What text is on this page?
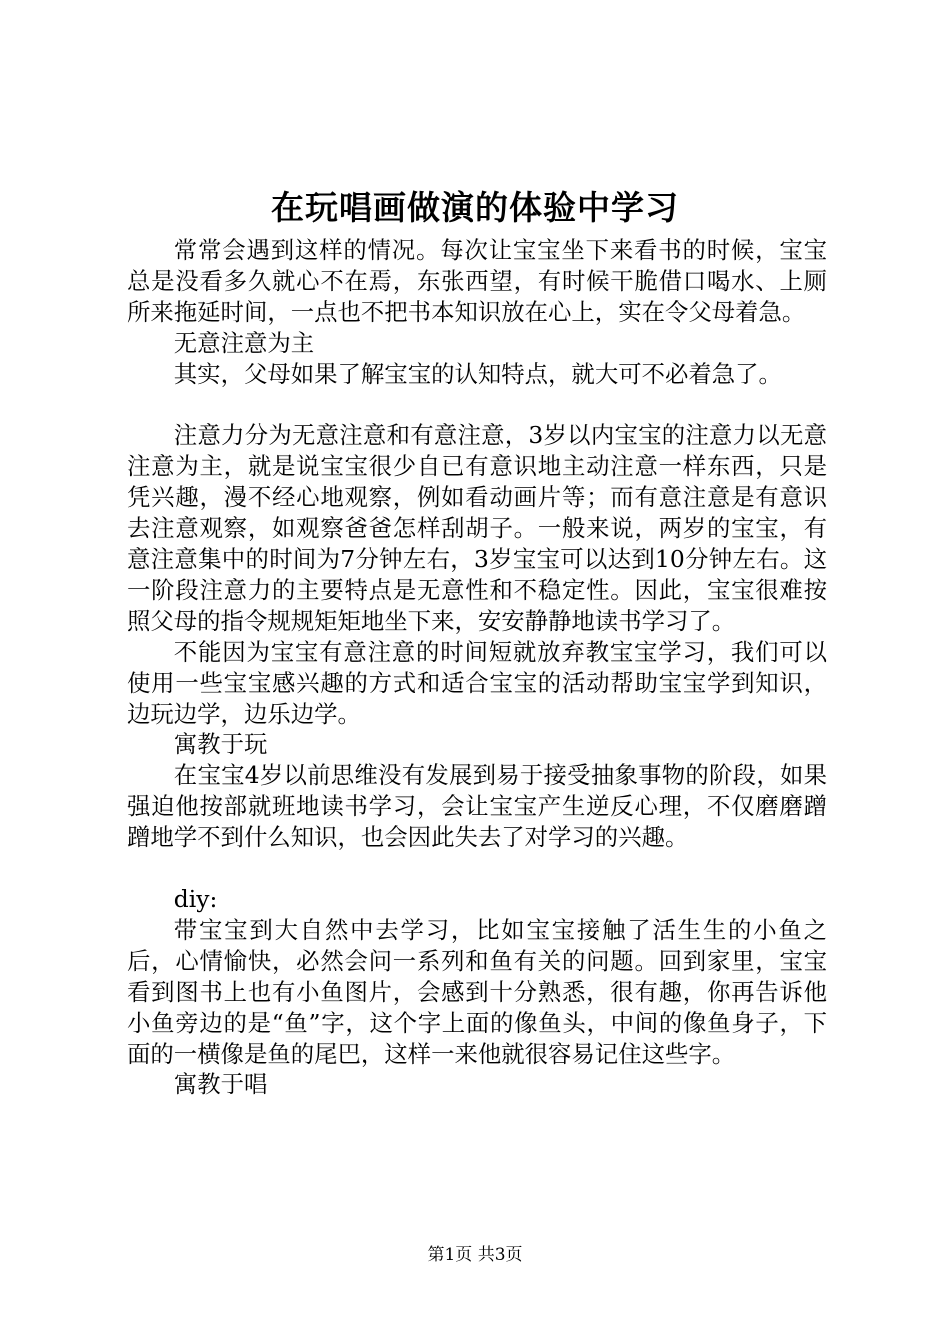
在玩唱画做演的体验中学习

常常会遇到这样的情况。每次让宝宝坐下来看书的时候，宝宝总是没看多久就心不在焉，东张西望，有时候干脆借口喝水、上厕所来拖延时间，一点也不把书本知识放在心上，实在令父母着急。

无意注意为主

其实，父母如果了解宝宝的认知特点，就大可不必着急了。

注意力分为无意注意和有意注意，3岁以内宝宝的注意力以无意注意为主，就是说宝宝很少自已有意识地主动注意一样东西，只是凭兴趣，漫不经心地观察，例如看动画片等；而有意注意是有意识去注意观察，如观察爸爸怎样刮胡子。一般来说，两岁的宝宝，有意注意集中的时间为7分钟左右，3岁宝宝可以达到10分钟左右。这一阶段注意力的主要特点是无意性和不稳定性。因此，宝宝很难按照父母的指令规规矩矩地坐下来，安安静静地读书学习了。

不能因为宝宝有意注意的时间短就放弃教宝宝学习，我们可以使用一些宝宝感兴趣的方式和适合宝宝的活动帮助宝宝学到知识，边玩边学，边乐边学。

寓教于玩

在宝宝4岁以前思维没有发展到易于接受抽象事物的阶段，如果强迫他按部就班地读书学习，会让宝宝产生逆反心理，不仅磨磨蹭蹭地学不到什么知识，也会因此失去了对学习的兴趣。

diy:

带宝宝到大自然中去学习，比如宝宝接触了活生生的小鱼之后，心情愉快，必然会问一系列和鱼有关的问题。回到家里，宝宝看到图书上也有小鱼图片，会感到十分熟悉，很有趣，你再告诉他小鱼旁边的是“鱼”字，这个字上面的像鱼头，中间的像鱼身子，下面的一横像是鱼的尾巴，这样一来他就很容易记住这些字。

寓教于唱

第1页 共3页
